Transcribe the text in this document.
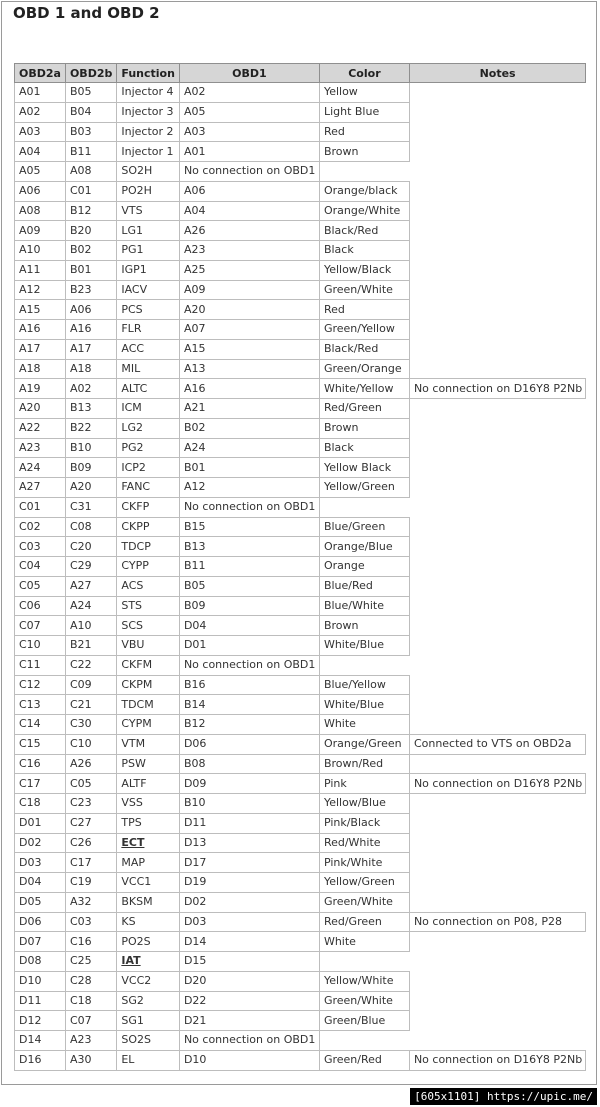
OBD 1 and OBD 2
OBD2a	OBD2b	Function	OBD1	Color	Notes
A01	B05	Injector 4	A02	Yellow	
A02	B04	Injector 3	A05	Light Blue	
A03	B03	Injector 2	A03	Red	
A04	B11	Injector 1	A01	Brown	
A05	A08	SO2H	No connection on OBD1		
A06	C01	PO2H	A06	Orange/black	
A08	B12	VTS	A04	Orange/White	
A09	B20	LG1	A26	Black/Red	
A10	B02	PG1	A23	Black	
A11	B01	IGP1	A25	Yellow/Black	
A12	B23	IACV	A09	Green/White	
A15	A06	PCS	A20	Red	
A16	A16	FLR	A07	Green/Yellow	
A17	A17	ACC	A15	Black/Red	
A18	A18	MIL	A13	Green/Orange	
A19	A02	ALTC	A16	White/Yellow	No connection on D16Y8 P2Nb
A20	B13	ICM	A21	Red/Green	
A22	B22	LG2	B02	Brown	
A23	B10	PG2	A24	Black	
A24	B09	ICP2	B01	Yellow Black	
A27	A20	FANC	A12	Yellow/Green	
C01	C31	CKFP	No connection on OBD1		
C02	C08	CKPP	B15	Blue/Green	
C03	C20	TDCP	B13	Orange/Blue	
C04	C29	CYPP	B11	Orange	
C05	A27	ACS	B05	Blue/Red	
C06	A24	STS	B09	Blue/White	
C07	A10	SCS	D04	Brown	
C10	B21	VBU	D01	White/Blue	
C11	C22	CKFM	No connection on OBD1		
C12	C09	CKPM	B16	Blue/Yellow	
C13	C21	TDCM	B14	White/Blue	
C14	C30	CYPM	B12	White	
C15	C10	VTM	D06	Orange/Green	Connected to VTS on OBD2a
C16	A26	PSW	B08	Brown/Red	
C17	C05	ALTF	D09	Pink	No connection on D16Y8 P2Nb
C18	C23	VSS	B10	Yellow/Blue	
D01	C27	TPS	D11	Pink/Black	
D02	C26	ECT	D13	Red/White	
D03	C17	MAP	D17	Pink/White	
D04	C19	VCC1	D19	Yellow/Green	
D05	A32	BKSM	D02	Green/White	
D06	C03	KS	D03	Red/Green	No connection on P08, P28
D07	C16	PO2S	D14	White	
D08	C25	IAT	D15		
D10	C28	VCC2	D20	Yellow/White	
D11	C18	SG2	D22	Green/White	
D12	C07	SG1	D21	Green/Blue	
D14	A23	SO2S	No connection on OBD1		
D16	A30	EL	D10	Green/Red	No connection on D16Y8 P2Nb
[605x1101] https://upic.me/
